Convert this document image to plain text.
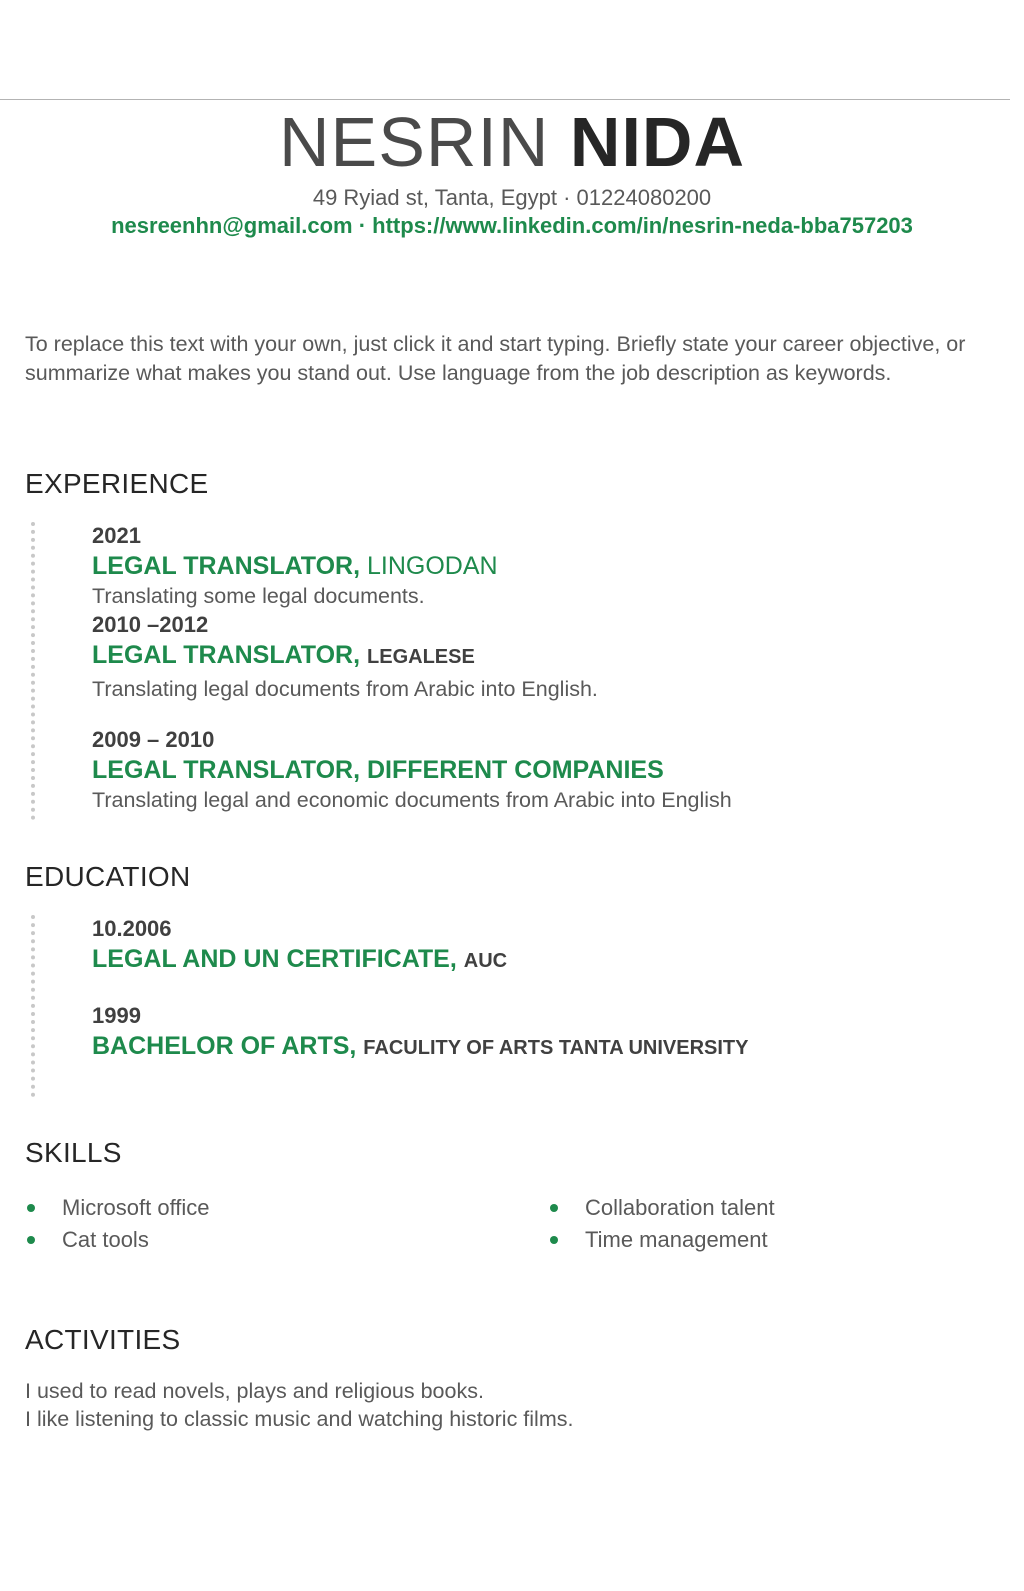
NESRIN NIDA
49 Ryiad st, Tanta, Egypt · 01224080200
nesreenhn@gmail.com · https://www.linkedin.com/in/nesrin-neda-bba757203
To replace this text with your own, just click it and start typing. Briefly state your career objective, or summarize what makes you stand out. Use language from the job description as keywords.
EXPERIENCE
2021
LEGAL TRANSLATOR, LINGODAN
Translating some legal documents.
2010 –2012
LEGAL TRANSLATOR, LEGALESE
Translating legal documents from Arabic into English.
2009 – 2010
LEGAL TRANSLATOR, DIFFERENT COMPANIES
Translating legal and economic documents from Arabic into English
EDUCATION
10.2006
LEGAL AND UN CERTIFICATE, AUC
1999
BACHELOR OF ARTS, FACULITY OF ARTS TANTA UNIVERSITY
SKILLS
Microsoft office
Cat tools
Collaboration talent
Time management
ACTIVITIES
I used to read novels, plays and religious books.
I like listening to classic music and watching historic films.
